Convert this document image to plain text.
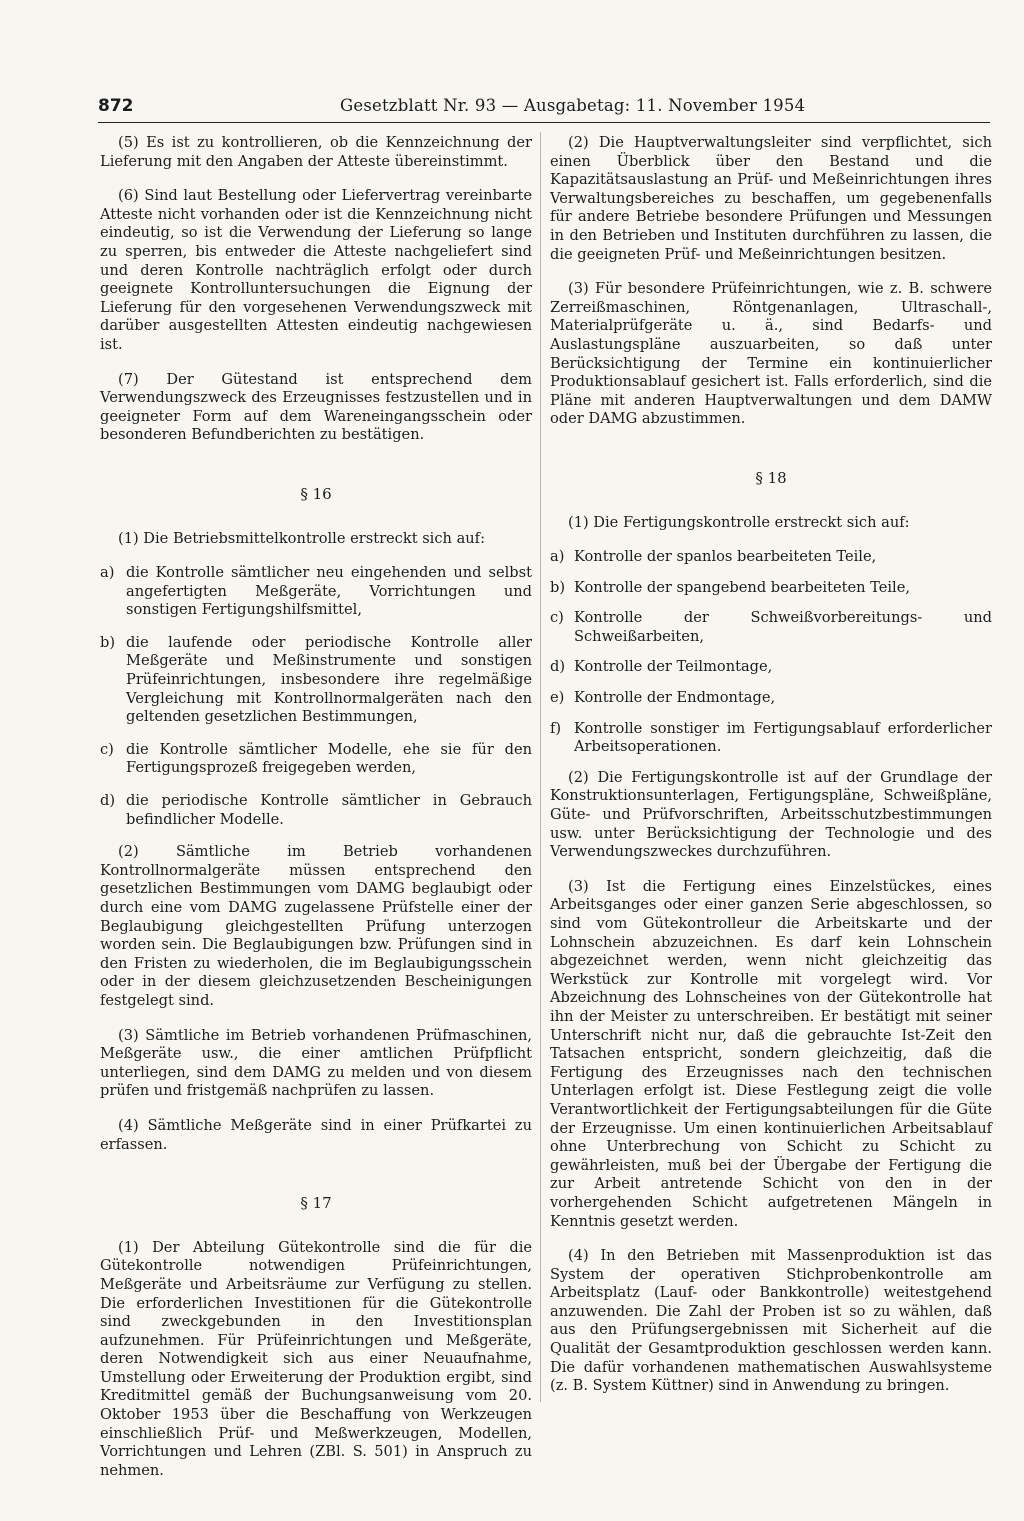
872	Gesetzblatt Nr. 93 — Ausgabetag: 11. November 1954

(5) Es ist zu kontrollieren, ob die Kennzeichnung der Lieferung mit den Angaben der Atteste übereinstimmt.

(6) Sind laut Bestellung oder Liefervertrag vereinbarte Atteste nicht vorhanden oder ist die Kennzeichnung nicht eindeutig, so ist die Verwendung der Lieferung so lange zu sperren, bis entweder die Atteste nachgeliefert sind und deren Kontrolle nachträglich erfolgt oder durch geeignete Kontrolluntersuchungen die Eignung der Lieferung für den vorgesehenen Verwendungszweck mit darüber ausgestellten Attesten eindeutig nachgewiesen ist.

(7) Der Gütestand ist entsprechend dem Verwendungszweck des Erzeugnisses festzustellen und in geeigneter Form auf dem Wareneingangsschein oder besonderen Befundberichten zu bestätigen.

§ 16

(1) Die Betriebsmittelkontrolle erstreckt sich auf:

a) die Kontrolle sämtlicher neu eingehenden und selbst angefertigten Meßgeräte, Vorrichtungen und sonstigen Fertigungshilfsmittel,
b) die laufende oder periodische Kontrolle aller Meßgeräte und Meßinstrumente und sonstigen Prüfeinrichtungen, insbesondere ihre regelmäßige Vergleichung mit Kontrollnormalgeräten nach den geltenden gesetzlichen Bestimmungen,
c) die Kontrolle sämtlicher Modelle, ehe sie für den Fertigungsprozeß freigegeben werden,
d) die periodische Kontrolle sämtlicher in Gebrauch befindlicher Modelle.

(2) Sämtliche im Betrieb vorhandenen Kontrollnormalgeräte müssen entsprechend den gesetzlichen Bestimmungen vom DAMG beglaubigt oder durch eine vom DAMG zugelassene Prüfstelle einer der Beglaubigung gleichgestellten Prüfung unterzogen worden sein. Die Beglaubigungen bzw. Prüfungen sind in den Fristen zu wiederholen, die im Beglaubigungsschein oder in der diesem gleichzusetzenden Bescheinigungen festgelegt sind.

(3) Sämtliche im Betrieb vorhandenen Prüfmaschinen, Meßgeräte usw., die einer amtlichen Prüfpflicht unterliegen, sind dem DAMG zu melden und von diesem prüfen und fristgemäß nachprüfen zu lassen.

(4) Sämtliche Meßgeräte sind in einer Prüfkartei zu erfassen.

§ 17

(1) Der Abteilung Gütekontrolle sind die für die Gütekontrolle notwendigen Prüfeinrichtungen, Meßgeräte und Arbeitsräume zur Verfügung zu stellen. Die erforderlichen Investitionen für die Gütekontrolle sind zweckgebunden in den Investitionsplan aufzunehmen. Für Prüfeinrichtungen und Meßgeräte, deren Notwendigkeit sich aus einer Neuaufnahme, Umstellung oder Erweiterung der Produktion ergibt, sind Kreditmittel gemäß der Buchungsanweisung vom 20. Oktober 1953 über die Beschaffung von Werkzeugen einschließlich Prüf- und Meßwerkzeugen, Modellen, Vorrichtungen und Lehren (ZBl. S. 501) in Anspruch zu nehmen.

(2) Die Hauptverwaltungsleiter sind verpflichtet, sich einen Überblick über den Bestand und die Kapazitätsauslastung an Prüf- und Meßeinrichtungen ihres Verwaltungsbereiches zu beschaffen, um gegebenenfalls für andere Betriebe besondere Prüfungen und Messungen in den Betrieben und Instituten durchführen zu lassen, die die geeigneten Prüf- und Meßeinrichtungen besitzen.

(3) Für besondere Prüfeinrichtungen, wie z. B. schwere Zerreißmaschinen, Röntgenanlagen, Ultraschall-, Materialprüfgeräte u. ä., sind Bedarfs- und Auslastungspläne auszuarbeiten, so daß unter Berücksichtigung der Termine ein kontinuierlicher Produktionsablauf gesichert ist. Falls erforderlich, sind die Pläne mit anderen Hauptverwaltungen und dem DAMW oder DAMG abzustimmen.

§ 18

(1) Die Fertigungskontrolle erstreckt sich auf:

a) Kontrolle der spanlos bearbeiteten Teile,
b) Kontrolle der spangebend bearbeiteten Teile,
c) Kontrolle der Schweißvorbereitungs- und Schweißarbeiten,
d) Kontrolle der Teilmontage,
e) Kontrolle der Endmontage,
f) Kontrolle sonstiger im Fertigungsablauf erforderlicher Arbeitsoperationen.

(2) Die Fertigungskontrolle ist auf der Grundlage der Konstruktionsunterlagen, Fertigungspläne, Schweißpläne, Güte- und Prüfvorschriften, Arbeitsschutzbestimmungen usw. unter Berücksichtigung der Technologie und des Verwendungszweckes durchzuführen.

(3) Ist die Fertigung eines Einzelstückes, eines Arbeitsganges oder einer ganzen Serie abgeschlossen, so sind vom Gütekontrolleur die Arbeitskarte und der Lohnschein abzuzeichnen. Es darf kein Lohnschein abgezeichnet werden, wenn nicht gleichzeitig das Werkstück zur Kontrolle mit vorgelegt wird. Vor Abzeichnung des Lohnscheines von der Gütekontrolle hat ihn der Meister zu unterschreiben. Er bestätigt mit seiner Unterschrift nicht nur, daß die gebrauchte Ist-Zeit den Tatsachen entspricht, sondern gleichzeitig, daß die Fertigung des Erzeugnisses nach den technischen Unterlagen erfolgt ist. Diese Festlegung zeigt die volle Verantwortlichkeit der Fertigungsabteilungen für die Güte der Erzeugnisse. Um einen kontinuierlichen Arbeitsablauf ohne Unterbrechung von Schicht zu Schicht zu gewährleisten, muß bei der Übergabe der Fertigung die zur Arbeit antretende Schicht von den in der vorhergehenden Schicht aufgetretenen Mängeln in Kenntnis gesetzt werden.

(4) In den Betrieben mit Massenproduktion ist das System der operativen Stichprobenkontrolle am Arbeitsplatz (Lauf- oder Bankkontrolle) weitestgehend anzuwenden. Die Zahl der Proben ist so zu wählen, daß aus den Prüfungsergebnissen mit Sicherheit auf die Qualität der Gesamtproduktion geschlossen werden kann. Die dafür vorhandenen mathematischen Auswahlsysteme (z. B. System Küttner) sind in Anwendung zu bringen.
